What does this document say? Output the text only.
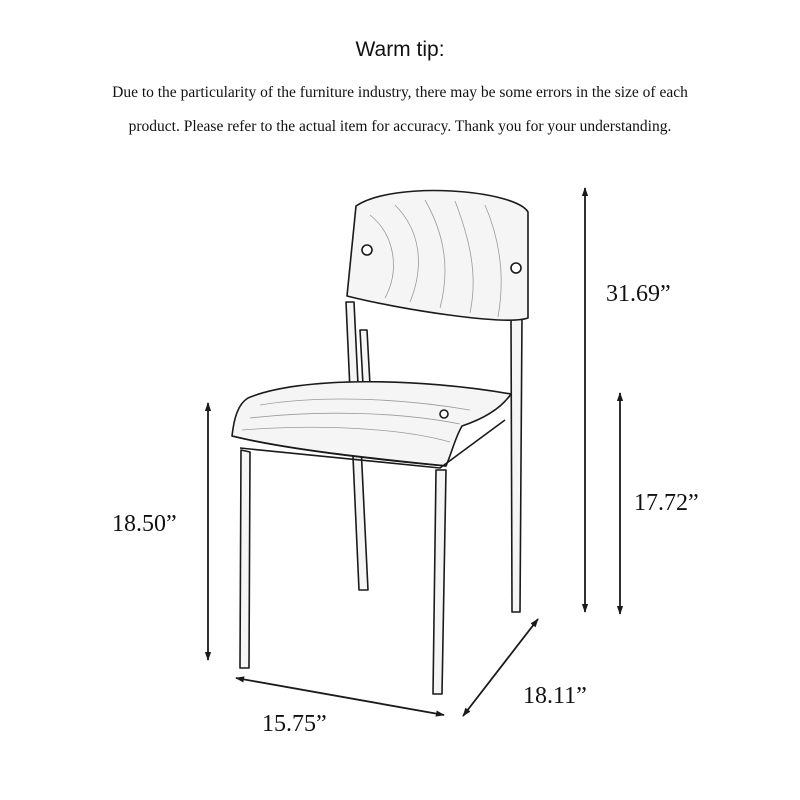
Warm tip:
Due to the particularity of the furniture industry, there may be some errors in the size of each
product. Please refer to the actual item for accuracy. Thank you for your understanding.
31.69”
17.72”
18.50”
15.75”
18.11”
